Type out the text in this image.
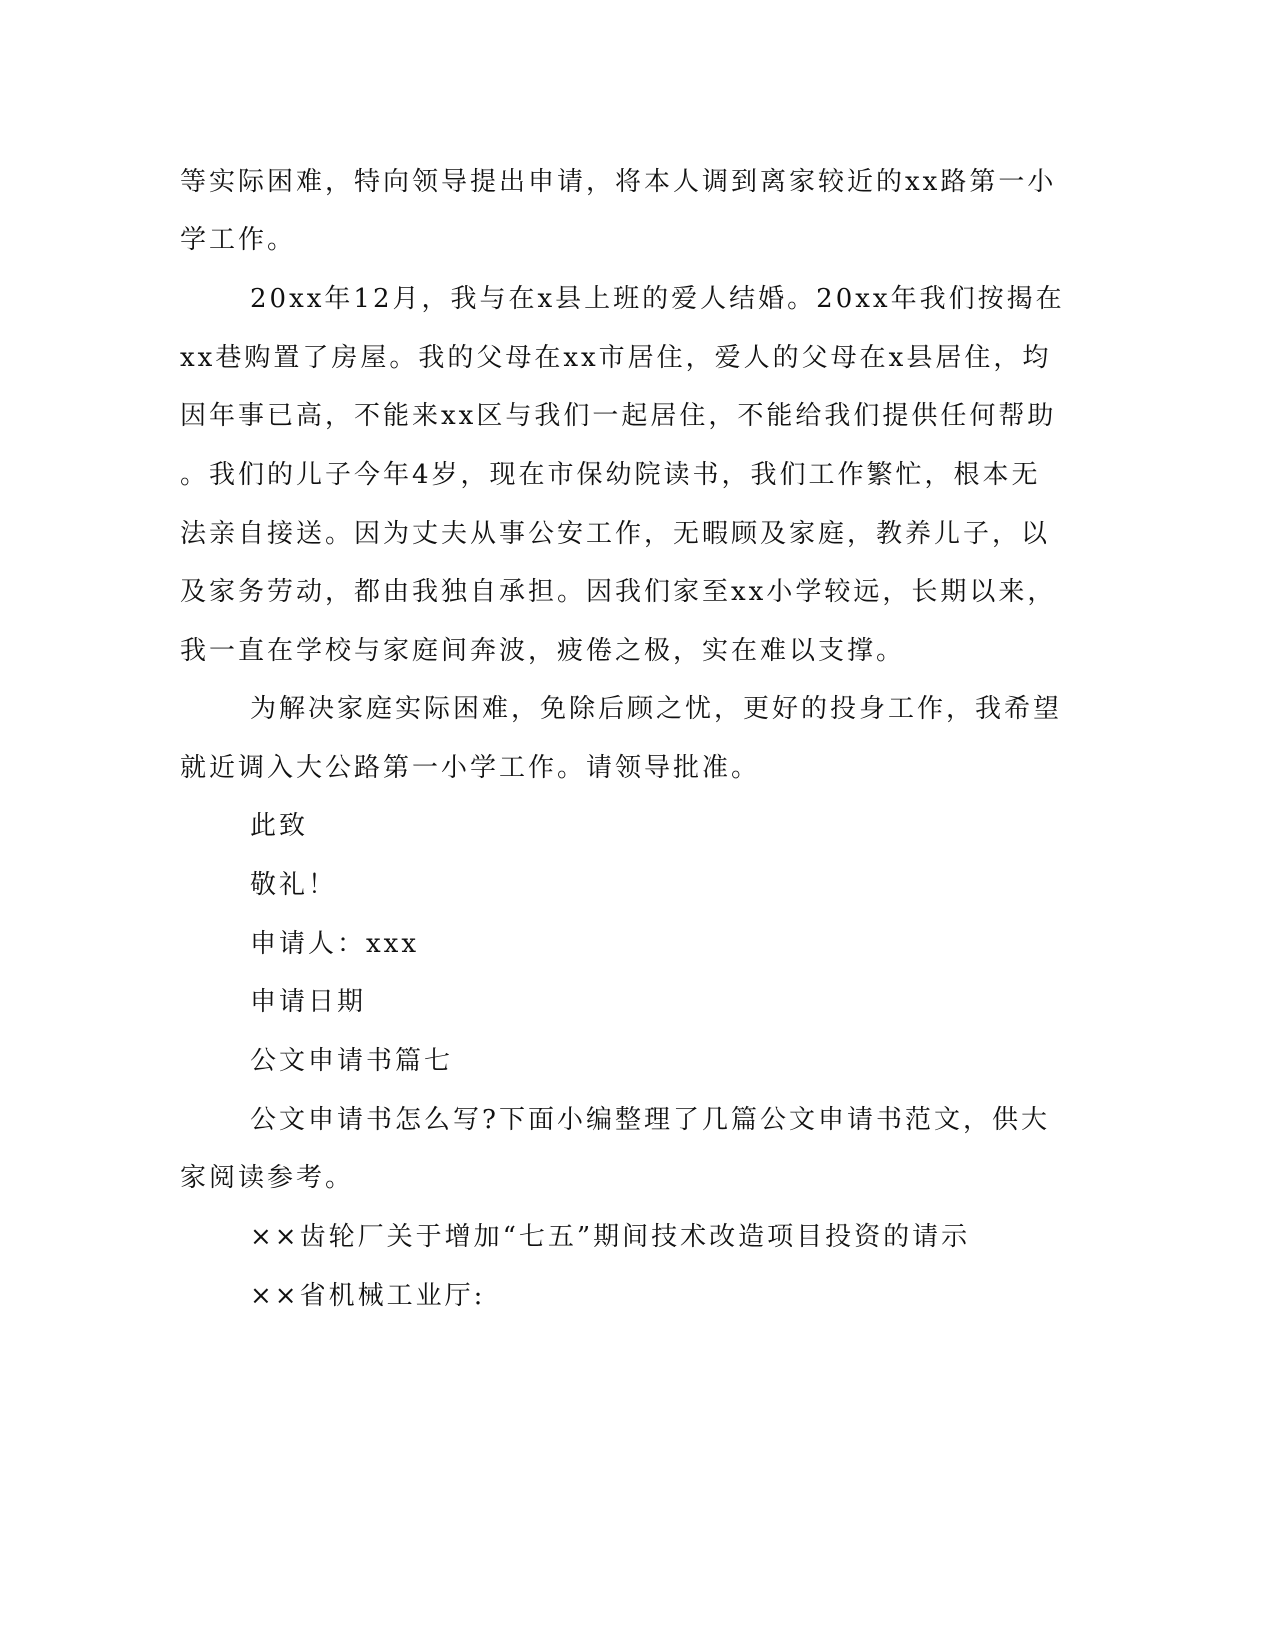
等实际困难，特向领导提出申请，将本人调到离家较近的xx路第一小
学工作。
20xx年12月，我与在x县上班的爱人结婚。20xx年我们按揭在
xx巷购置了房屋。我的父母在xx市居住，爱人的父母在x县居住，均
因年事已高，不能来xx区与我们一起居住，不能给我们提供任何帮助
。我们的儿子今年4岁，现在市保幼院读书，我们工作繁忙，根本无
法亲自接送。因为丈夫从事公安工作，无暇顾及家庭，教养儿子，以
及家务劳动，都由我独自承担。因我们家至xx小学较远，长期以来，
我一直在学校与家庭间奔波，疲倦之极，实在难以支撑。
为解决家庭实际困难，免除后顾之忧，更好的投身工作，我希望
就近调入大公路第一小学工作。请领导批准。
此致
敬礼！
申请人：xxx
申请日期
公文申请书篇七
公文申请书怎么写?下面小编整理了几篇公文申请书范文，供大
家阅读参考。
××齿轮厂关于增加“七五”期间技术改造项目投资的请示
××省机械工业厅:
